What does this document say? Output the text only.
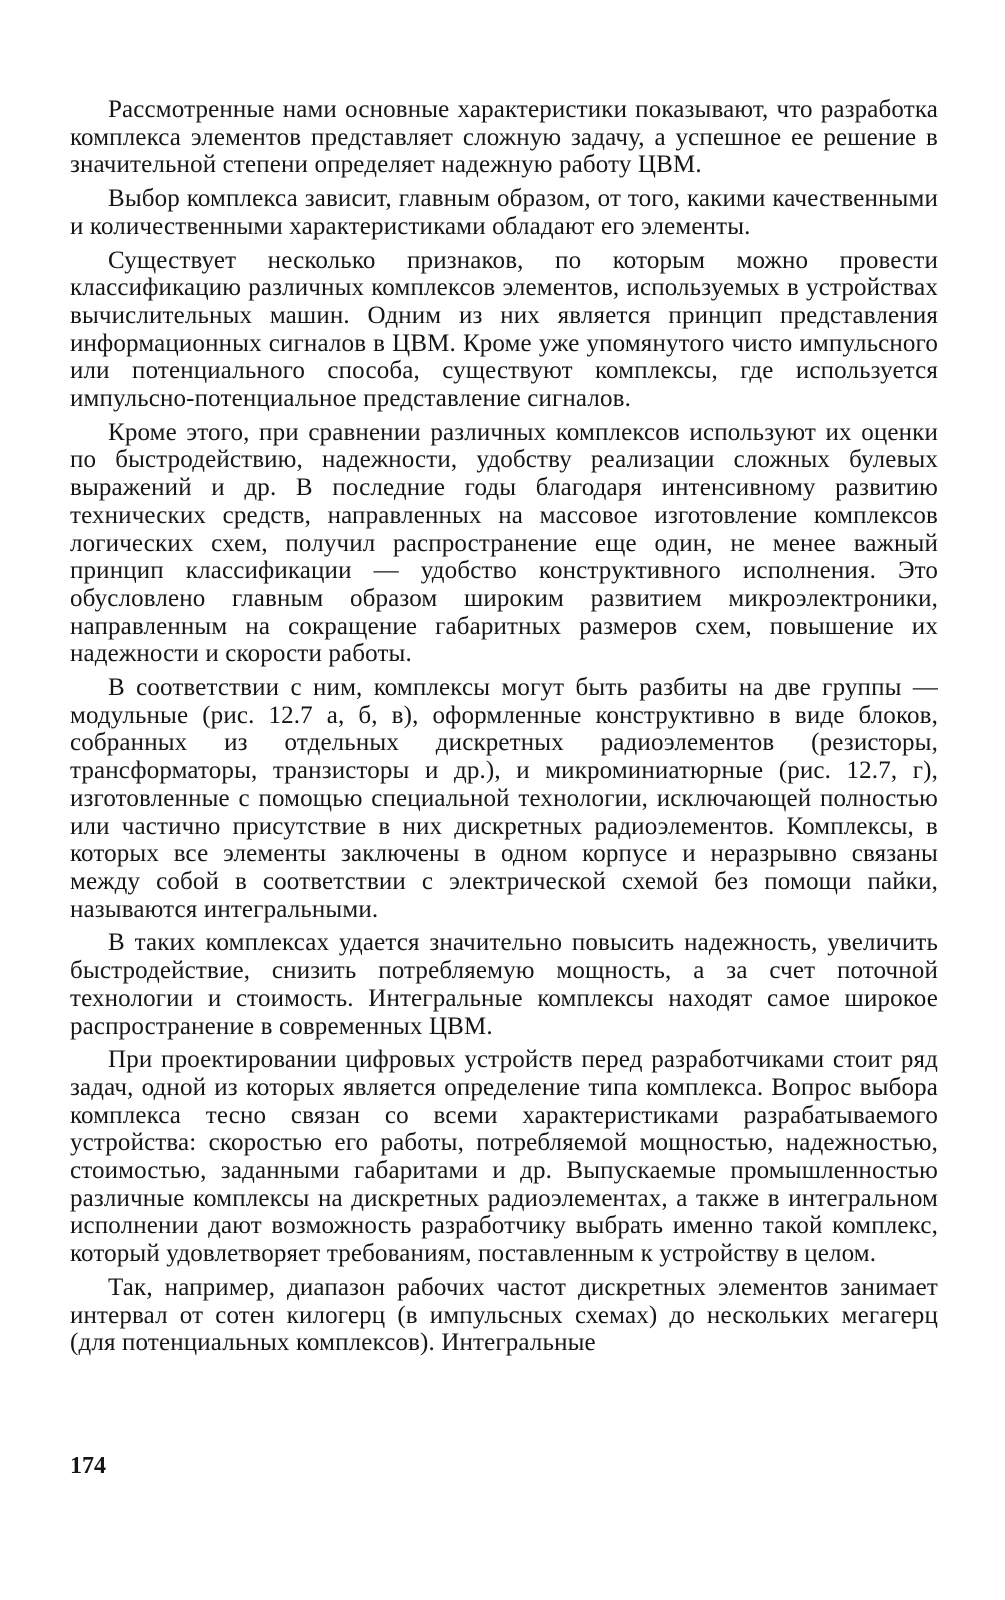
Рассмотренные нами основные характеристики показывают, что разработка комплекса элементов представляет сложную задачу, а успешное ее решение в значительной степени определяет надежную работу ЦВМ.

Выбор комплекса зависит, главным образом, от того, какими качественными и количественными характеристиками обладают его элементы.

Существует несколько признаков, по которым можно провести классификацию различных комплексов элементов, используемых в устройствах вычислительных машин. Одним из них является принцип представления информационных сигналов в ЦВМ. Кроме уже упомянутого чисто импульсного или потенциального способа, существуют комплексы, где используется импульсно-потенциальное представление сигналов.

Кроме этого, при сравнении различных комплексов используют их оценки по быстродействию, надежности, удобству реализации сложных булевых выражений и др. В последние годы благодаря интенсивному развитию технических средств, направленных на массовое изготовление комплексов логических схем, получил распространение еще один, не менее важный принцип классификации — удобство конструктивного исполнения. Это обусловлено главным образом широким развитием микроэлектроники, направленным на сокращение габаритных размеров схем, повышение их надежности и скорости работы.

В соответствии с ним, комплексы могут быть разбиты на две группы — модульные (рис. 12.7 а, б, в), оформленные конструктивно в виде блоков, собранных из отдельных дискретных радиоэлементов (резисторы, трансформаторы, транзисторы и др.), и микроминиатюрные (рис. 12.7, г), изготовленные с помощью специальной технологии, исключающей полностью или частично присутствие в них дискретных радиоэлементов. Комплексы, в которых все элементы заключены в одном корпусе и неразрывно связаны между собой в соответствии с электрической схемой без помощи пайки, называются интегральными.

В таких комплексах удается значительно повысить надежность, увеличить быстродействие, снизить потребляемую мощность, а за счет поточной технологии и стоимость. Интегральные комплексы находят самое широкое распространение в современных ЦВМ.

При проектировании цифровых устройств перед разработчиками стоит ряд задач, одной из которых является определение типа комплекса. Вопрос выбора комплекса тесно связан со всеми характеристиками разрабатываемого устройства: скоростью его работы, потребляемой мощностью, надежностью, стоимостью, заданными габаритами и др. Выпускаемые промышленностью различные комплексы на дискретных радиоэлементах, а также в интегральном исполнении дают возможность разработчику выбрать именно такой комплекс, который удовлетворяет требованиям, поставленным к устройству в целом.

Так, например, диапазон рабочих частот дискретных элементов занимает интервал от сотен килогерц (в импульсных схемах) до нескольких мегагерц (для потенциальных комплексов). Интегральные

174
